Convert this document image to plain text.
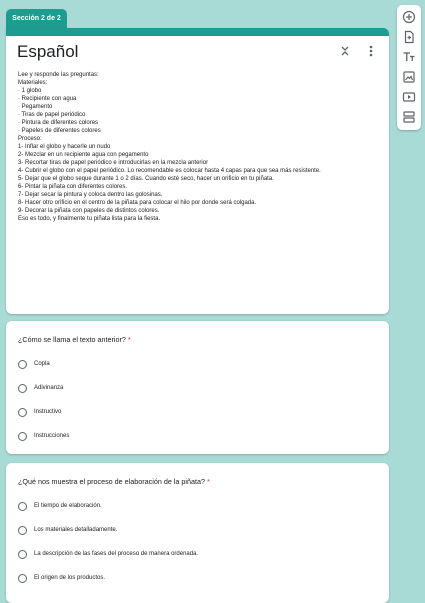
Sección 2 de 2
Español

Lee y responde las preguntas:

Materiales:

· 1 globo

· Recipiente con agua

· Pegamento

· Tiras de papel periódico

· Pintura de diferentes colores

· Papeles de diferentes colores

Proceso:

1- Inflar el globo y hacerle un nudo

2- Mezclar en un recipiente agua con pegamento

3- Recortar tiras de papel periódico e introducirlas en la mezcla anterior

4- Cubrir el globo con el papel periódico. Lo recomendable es colocar hasta 4 capas para que sea más resistente.

5- Dejar que el globo seque durante 1 o 2 días. Cuando esté seco, hacer un orificio en tu piñata.

6- Pintar la piñata con diferentes colores.

7- Dejar secar la pintura y coloca dentro las golosinas.

8- Hacer otro orificio en el centro de la piñata para colocar el hilo por donde será colgada.

9- Decorar la piñata con papeles de distintos colores.

Eso es todo, y finalmente tu piñata lista para la fiesta.

¿Cómo se llama el texto anterior? *
Copla
Adivinanza
Instructivo
Instrucciones
¿Qué nos muestra el proceso de elaboración de la piñata? *
El tiempo de elaboración.
Los materiales detalladamente.
La descripción de las fases del proceso de manera ordenada.
El origen de los productos.
